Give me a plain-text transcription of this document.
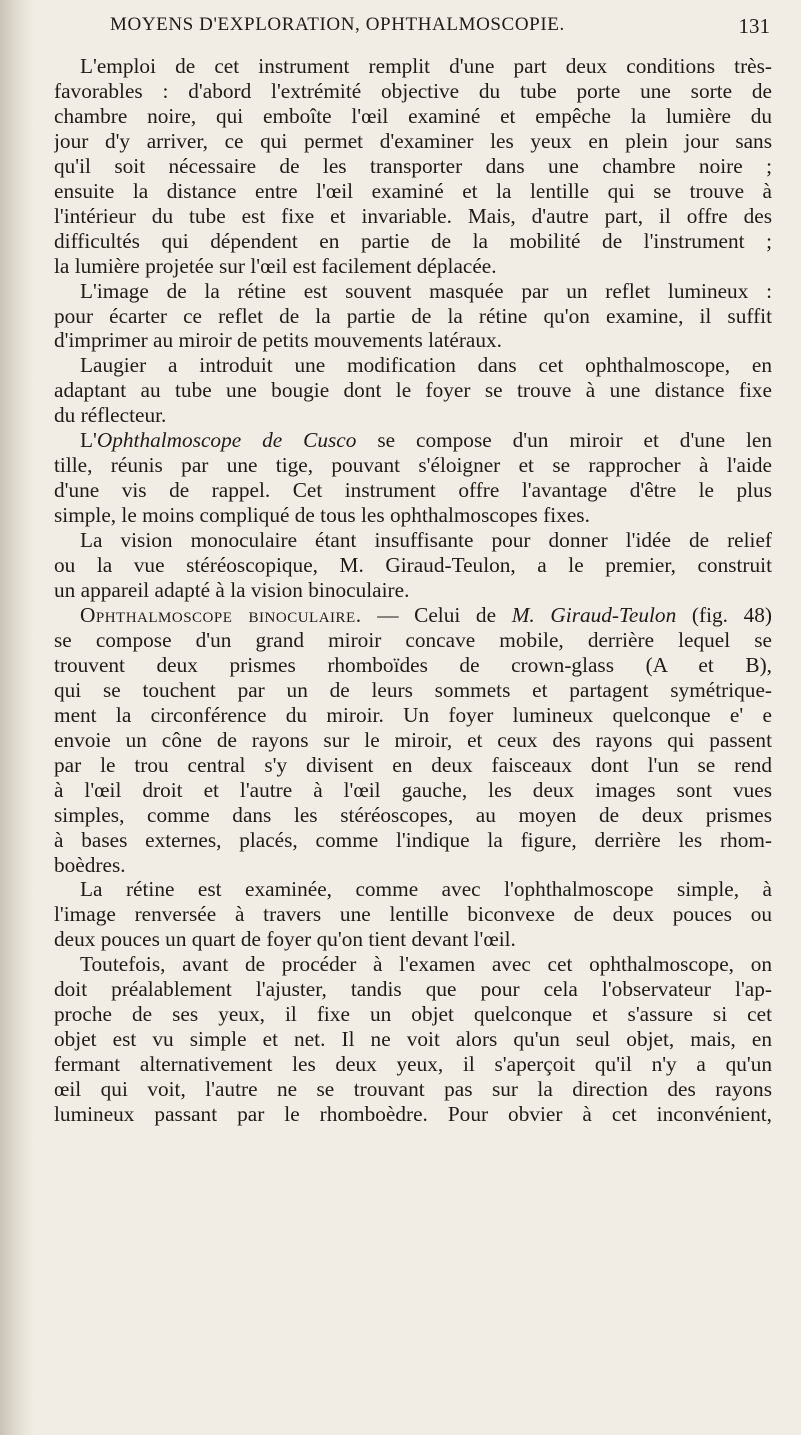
MOYENS D'EXPLORATION, OPHTHALMOSCOPIE.	131
L'emploi de cet instrument remplit d'une part deux conditions très-
favorables : d'abord l'extrémité objective du tube porte une sorte de
chambre noire, qui emboîte l'œil examiné et empêche la lumière du
jour d'y arriver, ce qui permet d'examiner les yeux en plein jour sans
qu'il soit nécessaire de les transporter dans une chambre noire ;
ensuite la distance entre l'œil examiné et la lentille qui se trouve à
l'intérieur du tube est fixe et invariable. Mais, d'autre part, il offre des
difficultés qui dépendent en partie de la mobilité de l'instrument ;
la lumière projetée sur l'œil est facilement déplacée.
L'image de la rétine est souvent masquée par un reflet lumineux :
pour écarter ce reflet de la partie de la rétine qu'on examine, il suffit
d'imprimer au miroir de petits mouvements latéraux.
Laugier a introduit une modification dans cet ophthalmoscope, en
adaptant au tube une bougie dont le foyer se trouve à une distance fixe
du réflecteur.
L'Ophthalmoscope de Cusco se compose d'un miroir et d'une len
tille, réunis par une tige, pouvant s'éloigner et se rapprocher à l'aide
d'une vis de rappel. Cet instrument offre l'avantage d'être le plus
simple, le moins compliqué de tous les ophthalmoscopes fixes.
La vision monoculaire étant insuffisante pour donner l'idée de relief
ou la vue stéréoscopique, M. Giraud-Teulon, a le premier, construit
un appareil adapté à la vision binoculaire.
Ophthalmoscope binoculaire. — Celui de M. Giraud-Teulon (fig. 48)
se compose d'un grand miroir concave mobile, derrière lequel se
trouvent deux prismes rhomboïdes de crown-glass (A et B),
qui se touchent par un de leurs sommets et partagent symétrique-
ment la circonférence du miroir. Un foyer lumineux quelconque e' e
envoie un cône de rayons sur le miroir, et ceux des rayons qui passent
par le trou central s'y divisent en deux faisceaux dont l'un se rend
à l'œil droit et l'autre à l'œil gauche, les deux images sont vues
simples, comme dans les stéréoscopes, au moyen de deux prismes
à bases externes, placés, comme l'indique la figure, derrière les rhom-
boèdres.
La rétine est examinée, comme avec l'ophthalmoscope simple, à
l'image renversée à travers une lentille biconvexe de deux pouces ou
deux pouces un quart de foyer qu'on tient devant l'œil.
Toutefois, avant de procéder à l'examen avec cet ophthalmoscope, on
doit préalablement l'ajuster, tandis que pour cela l'observateur l'ap-
proche de ses yeux, il fixe un objet quelconque et s'assure si cet
objet est vu simple et net. Il ne voit alors qu'un seul objet, mais, en
fermant alternativement les deux yeux, il s'aperçoit qu'il n'y a qu'un
œil qui voit, l'autre ne se trouvant pas sur la direction des rayons
lumineux passant par le rhomboèdre. Pour obvier à cet inconvénient,
